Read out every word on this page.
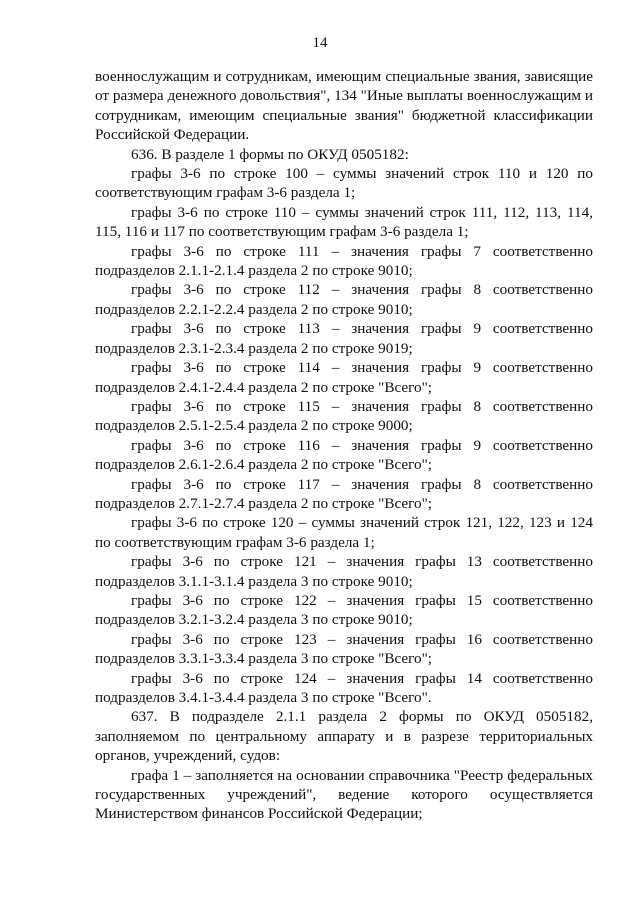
14

военнослужащим и сотрудникам, имеющим специальные звания, зависящие от размера денежного довольствия", 134 "Иные выплаты военнослужащим и сотрудникам, имеющим специальные звания" бюджетной классификации Российской Федерации.

636. В разделе 1 формы по ОКУД 0505182:

графы 3-6 по строке 100 – суммы значений строк 110 и 120 по соответствующим графам 3-6 раздела 1;

графы 3-6 по строке 110 – суммы значений строк 111, 112, 113, 114, 115, 116 и 117 по соответствующим графам 3-6 раздела 1;

графы 3-6 по строке 111 – значения графы 7 соответственно подразделов 2.1.1-2.1.4 раздела 2 по строке 9010;

графы 3-6 по строке 112 – значения графы 8 соответственно подразделов 2.2.1-2.2.4 раздела 2 по строке 9010;

графы 3-6 по строке 113 – значения графы 9 соответственно подразделов 2.3.1-2.3.4 раздела 2 по строке 9019;

графы 3-6 по строке 114 – значения графы 9 соответственно подразделов 2.4.1-2.4.4 раздела 2 по строке "Всего";

графы 3-6 по строке 115 – значения графы 8 соответственно подразделов 2.5.1-2.5.4 раздела 2 по строке 9000;

графы 3-6 по строке 116 – значения графы 9 соответственно подразделов 2.6.1-2.6.4 раздела 2 по строке "Всего";

графы 3-6 по строке 117 – значения графы 8 соответственно подразделов 2.7.1-2.7.4 раздела 2 по строке "Всего";

графы 3-6 по строке 120 – суммы значений строк 121, 122, 123 и 124 по соответствующим графам 3-6 раздела 1;

графы 3-6 по строке 121 – значения графы 13 соответственно подразделов 3.1.1-3.1.4 раздела 3 по строке 9010;

графы 3-6 по строке 122 – значения графы 15 соответственно подразделов 3.2.1-3.2.4 раздела 3 по строке 9010;

графы 3-6 по строке 123 – значения графы 16 соответственно подразделов 3.3.1-3.3.4 раздела 3 по строке "Всего";

графы 3-6 по строке 124 – значения графы 14 соответственно подразделов 3.4.1-3.4.4 раздела 3 по строке "Всего".

637. В подразделе 2.1.1 раздела 2 формы по ОКУД 0505182, заполняемом по центральному аппарату и в разрезе территориальных органов, учреждений, судов:

графа 1 – заполняется на основании справочника "Реестр федеральных государственных учреждений", ведение которого осуществляется Министерством финансов Российской Федерации;
